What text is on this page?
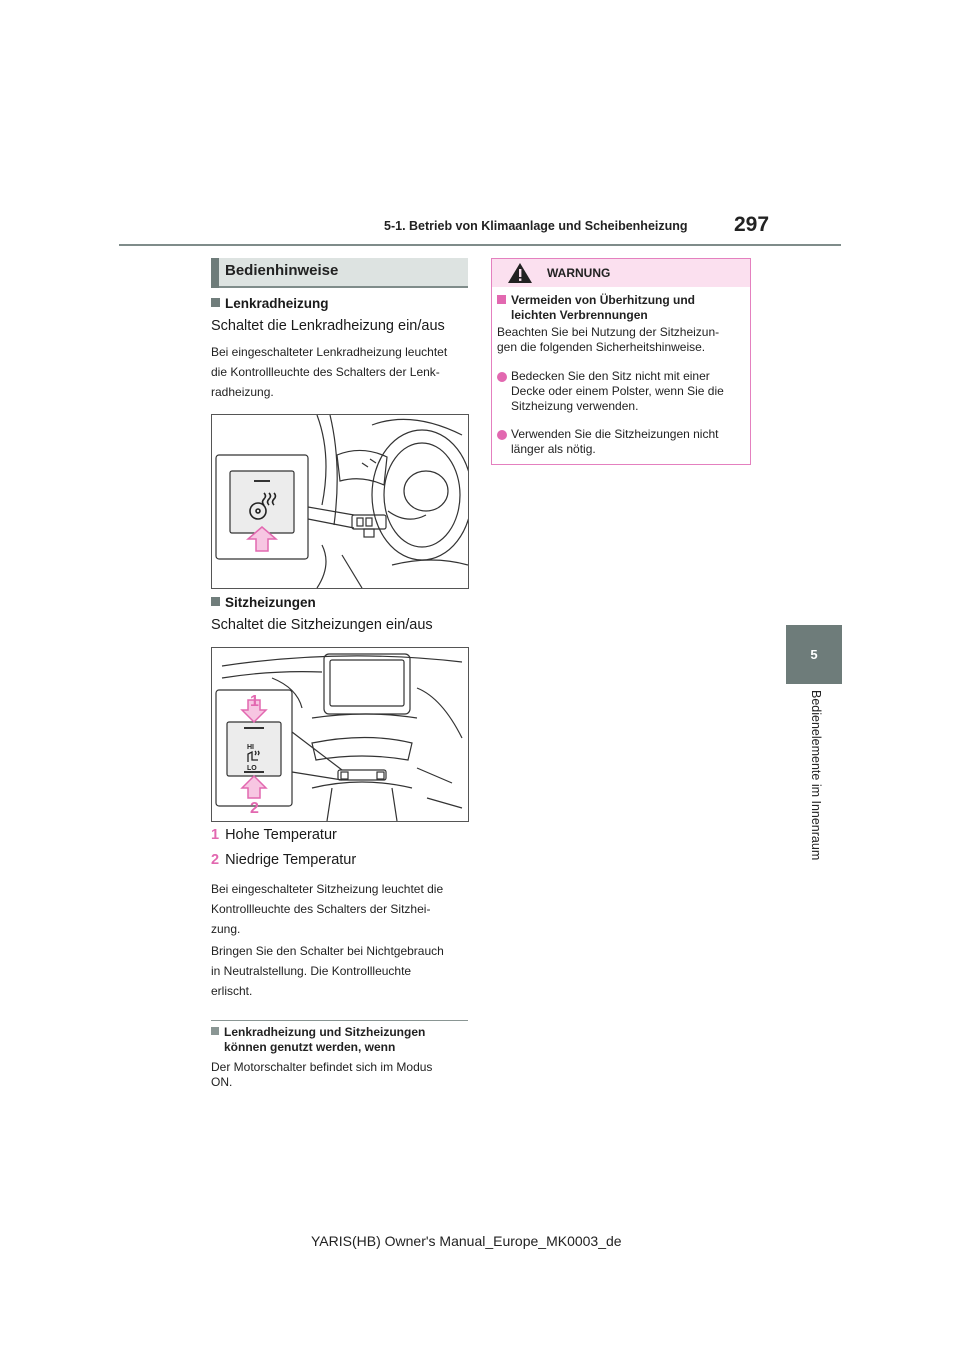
5-1. Betrieb von Klimaanlage und Scheibenheizung 297
5
Bedienelemente im Innenraum
Bedienhinweise
Lenkradheizung
Schaltet die Lenkradheizung ein/aus
Bei eingeschalteter Lenkradheizung leuchtet
die Kontrollleuchte des Schalters der Lenk-
radheizung.
Sitzheizungen
Schaltet die Sitzheizungen ein/aus
HI
LO
1
2
1 Hohe Temperatur
2 Niedrige Temperatur
Bei eingeschalteter Sitzheizung leuchtet die
Kontrollleuchte des Schalters der Sitzhei-
zung.
Bringen Sie den Schalter bei Nichtgebrauch
in Neutralstellung. Die Kontrollleuchte
erlischt.
Lenkradheizung und Sitzheizungen
können genutzt werden, wenn
Der Motorschalter befindet sich im Modus
ON.
WARNUNG
Vermeiden von Überhitzung und
leichten Verbrennungen
Beachten Sie bei Nutzung der Sitzheizun-
gen die folgenden Sicherheitshinweise.
Bedecken Sie den Sitz nicht mit einer
Decke oder einem Polster, wenn Sie die
Sitzheizung verwenden.
Verwenden Sie die Sitzheizungen nicht
länger als nötig.
YARIS(HB) Owner's Manual_Europe_MK0003_de
